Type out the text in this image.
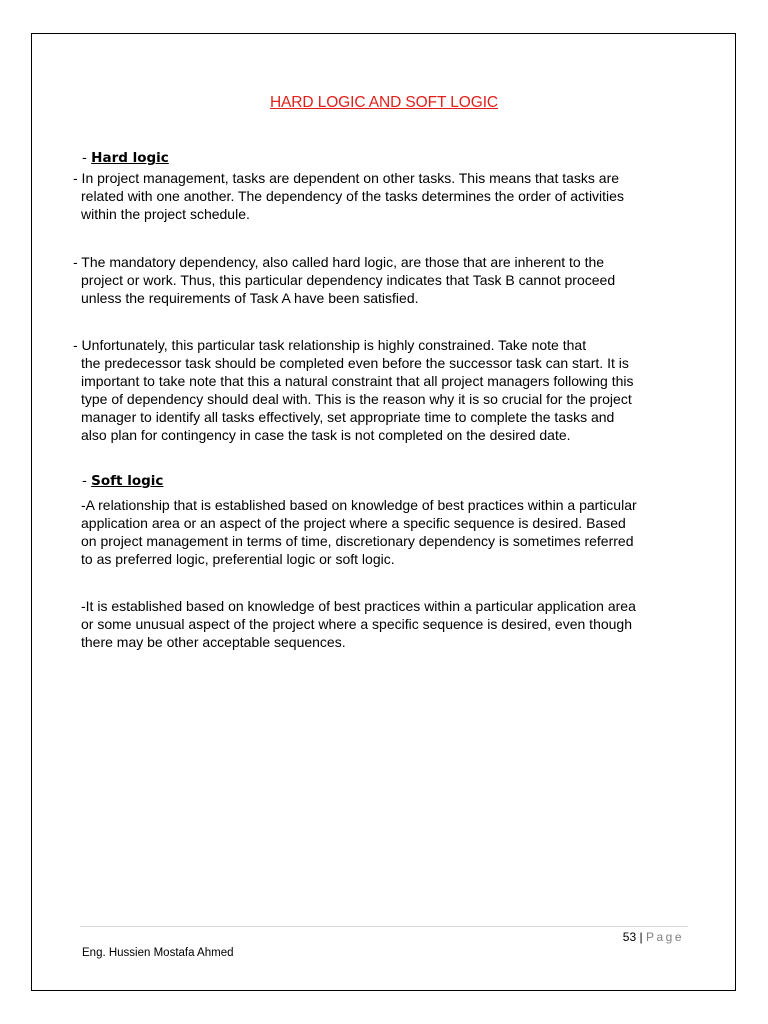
HARD LOGIC AND SOFT LOGIC
- Hard logic
- In project management, tasks are dependent on other tasks. This means that tasks are
related with one another. The dependency of the tasks determines the order of activities
within the project schedule.
- The mandatory dependency, also called hard logic, are those that are inherent to the
project or work. Thus, this particular dependency indicates that Task B cannot proceed
unless the requirements of Task A have been satisfied.
- Unfortunately, this particular task relationship is highly constrained. Take note that
the predecessor task should be completed even before the successor task can start. It is
important to take note that this a natural constraint that all project managers following this
type of dependency should deal with. This is the reason why it is so crucial for the project
manager to identify all tasks effectively, set appropriate time to complete the tasks and
also plan for contingency in case the task is not completed on the desired date.
- Soft logic
-A relationship that is established based on knowledge of best practices within a particular
application area or an aspect of the project where a specific sequence is desired. Based
on project management in terms of time, discretionary dependency is sometimes referred
to as preferred logic, preferential logic or soft logic.
-It is established based on knowledge of best practices within a particular application area
or some unusual aspect of the project where a specific sequence is desired, even though
there may be other acceptable sequences.
53 | Page
Eng. Hussien Mostafa Ahmed
